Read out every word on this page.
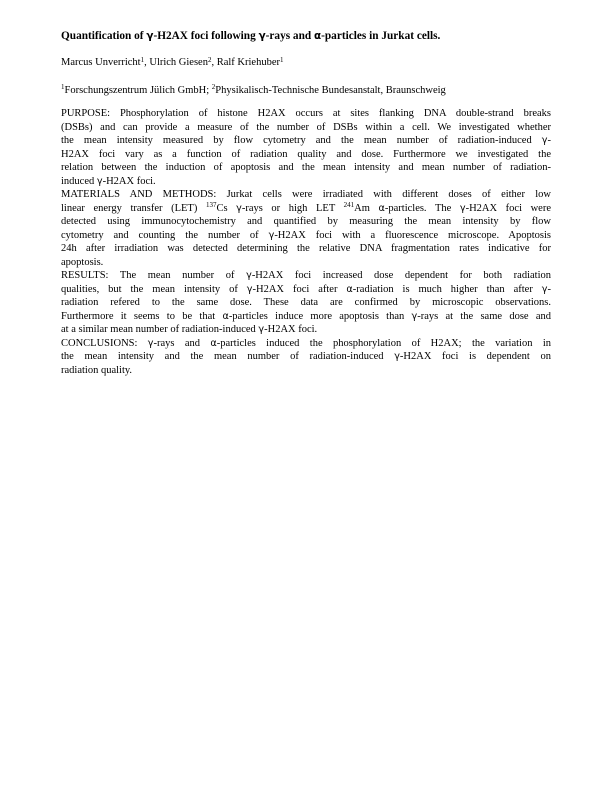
Quantification of γ-H2AX foci following γ-rays and α-particles in Jurkat cells.
Marcus Unverricht$^1$, Ulrich Giesen$^2$, Ralf Kriehuber$^1$
$^1$Forschungszentrum Jülich GmbH; $^2$Physikalisch-Technische Bundesanstalt, Braunschweig
PURPOSE: Phosphorylation of histone H2AX occurs at sites flanking DNA double-strand breaks
(DSBs) and can provide a measure of the number of DSBs within a cell. We investigated whether
the mean intensity measured by flow cytometry and the mean number of radiation-induced γ-
H2AX foci vary as a function of radiation quality and dose. Furthermore we investigated the
relation between the induction of apoptosis and the mean intensity and mean number of radiation-
induced γ-H2AX foci.
MATERIALS AND METHODS: Jurkat cells were irradiated with different doses of either low
linear energy transfer (LET) $^{137}$Cs γ-rays or high LET $^{241}$Am α-particles. The γ-H2AX foci were
detected using immunocytochemistry and quantified by measuring the mean intensity by flow
cytometry and counting the number of γ-H2AX foci with a fluorescence microscope. Apoptosis
24h after irradiation was detected determining the relative DNA fragmentation rates indicative for
apoptosis.
RESULTS: The mean number of γ-H2AX foci increased dose dependent for both radiation
qualities, but the mean intensity of γ-H2AX foci after α-radiation is much higher than after γ-
radiation refered to the same dose. These data are confirmed by microscopic observations.
Furthermore it seems to be that α-particles induce more apoptosis than γ-rays at the same dose and
at a similar mean number of radiation-induced γ-H2AX foci.
CONCLUSIONS: γ-rays and α-particles induced the phosphorylation of H2AX; the variation in
the mean intensity and the mean number of radiation-induced γ-H2AX foci is dependent on
radiation quality.
